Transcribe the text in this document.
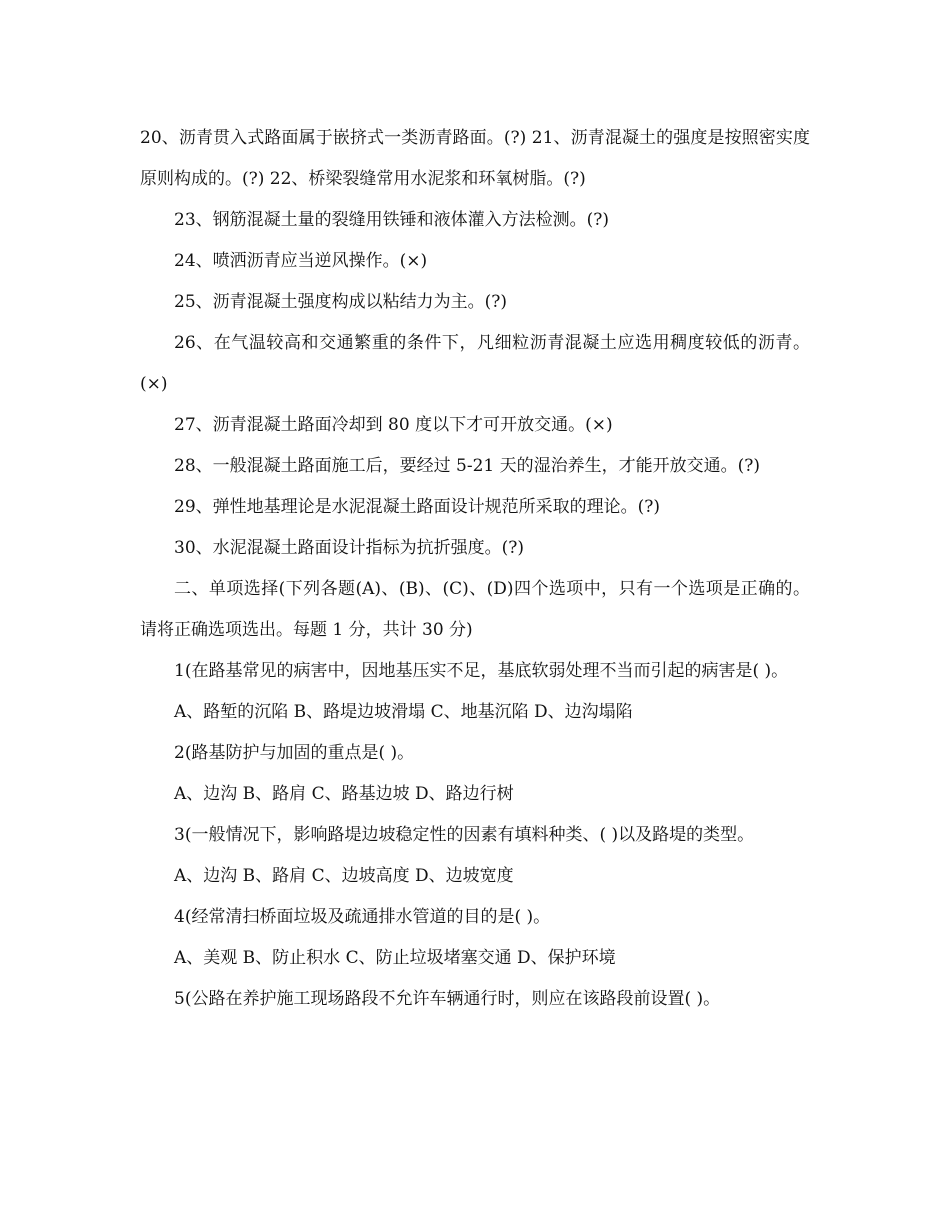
20、沥青贯入式路面属于嵌挤式一类沥青路面。(?) 21、沥青混凝土的强度是按照密实度原则构成的。(?) 22、桥梁裂缝常用水泥浆和环氧树脂。(?)

23、钢筋混凝土量的裂缝用铁锤和液体灌入方法检测。(?)

24、喷洒沥青应当逆风操作。(×)

25、沥青混凝土强度构成以粘结力为主。(?)

26、在气温较高和交通繁重的条件下，凡细粒沥青混凝土应选用稠度较低的沥青。(×)

27、沥青混凝土路面冷却到 80 度以下才可开放交通。(×)

28、一般混凝土路面施工后，要经过 5-21 天的湿治养生，才能开放交通。(?)

29、弹性地基理论是水泥混凝土路面设计规范所采取的理论。(?)

30、水泥混凝土路面设计指标为抗折强度。(?)

二、单项选择(下列各题(A)、(B)、(C)、(D)四个选项中，只有一个选项是正确的。请将正确选项选出。每题 1 分，共计 30 分)

1(在路基常见的病害中，因地基压实不足，基底软弱处理不当而引起的病害是( )。

A、路堑的沉陷 B、路堤边坡滑塌 C、地基沉陷 D、边沟塌陷

2(路基防护与加固的重点是( )。

A、边沟 B、路肩 C、路基边坡 D、路边行树

3(一般情况下，影响路堤边坡稳定性的因素有填料种类、( )以及路堤的类型。

A、边沟 B、路肩 C、边坡高度 D、边坡宽度

4(经常清扫桥面垃圾及疏通排水管道的目的是( )。

A、美观 B、防止积水 C、防止垃圾堵塞交通 D、保护环境

5(公路在养护施工现场路段不允许车辆通行时，则应在该路段前设置( )。
